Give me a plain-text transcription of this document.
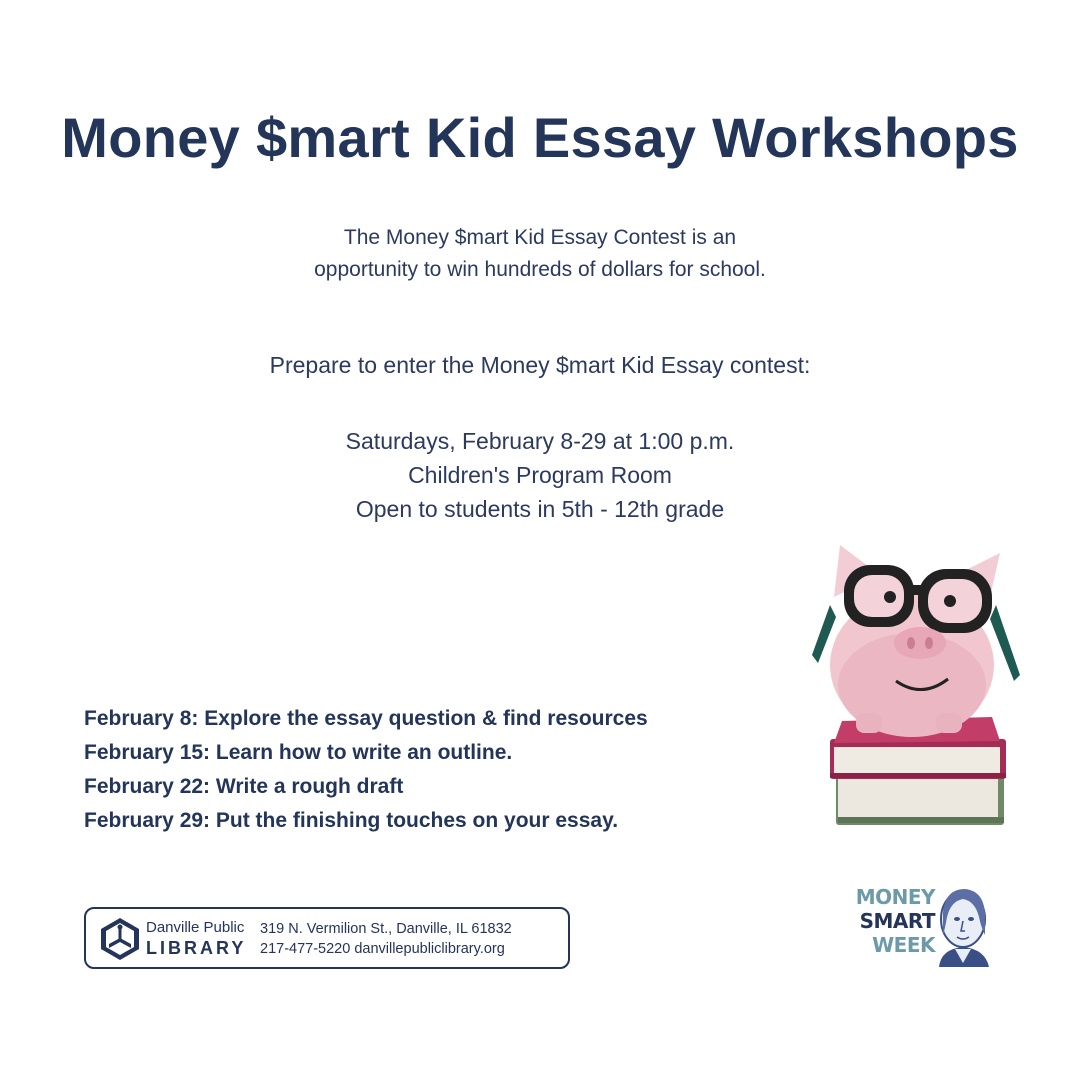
Money $mart Kid Essay Workshops
The Money $mart Kid Essay Contest is an
opportunity to win hundreds of dollars for school.
Prepare to enter the Money $mart Kid Essay contest:
Saturdays, February 8-29 at 1:00 p.m.
Children's Program Room
Open to students in 5th - 12th grade
February 8: Explore the essay question & find resources
February 15: Learn how to write an outline.
February 22: Write a rough draft
February 29: Put the finishing touches on your essay.
Danville Public
LIBRARY
319 N. Vermilion St., Danville, IL 61832
217-477-5220 danvillepubliclibrary.org
MONEY
SMART
WEEK
